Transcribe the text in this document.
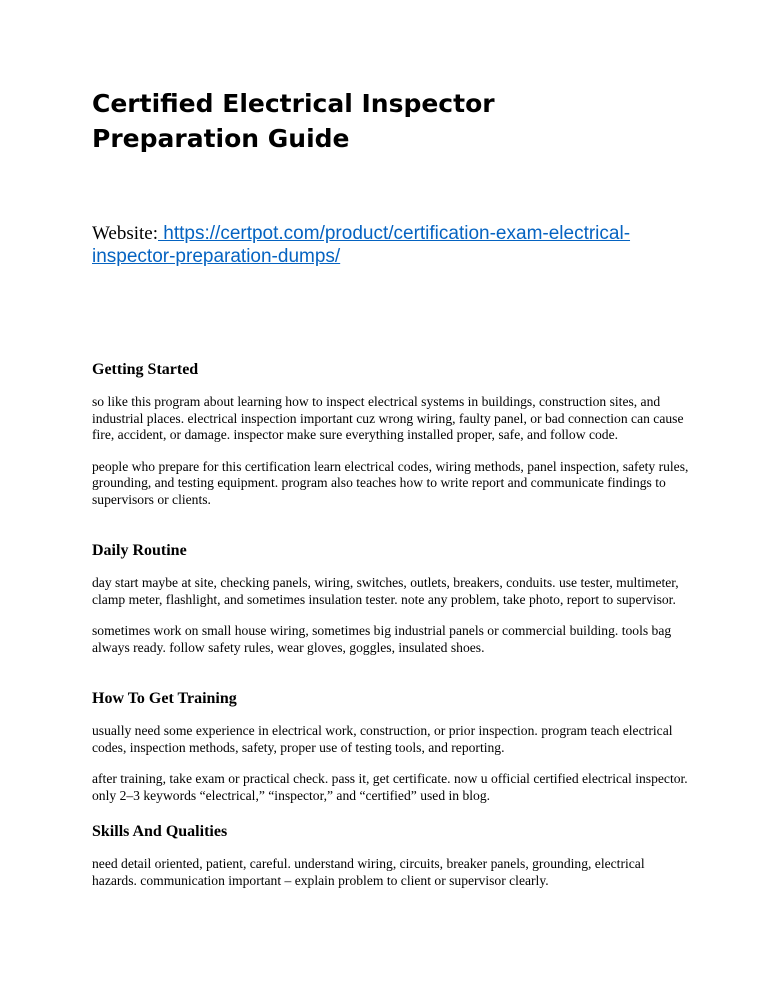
Certified Electrical Inspector Preparation Guide

Website: https://certpot.com/product/certification-exam-electrical-inspector-preparation-dumps/

Getting Started

so like this program about learning how to inspect electrical systems in buildings, construction sites, and industrial places. electrical inspection important cuz wrong wiring, faulty panel, or bad connection can cause fire, accident, or damage. inspector make sure everything installed proper, safe, and follow code.

people who prepare for this certification learn electrical codes, wiring methods, panel inspection, safety rules, grounding, and testing equipment. program also teaches how to write report and communicate findings to supervisors or clients.

Daily Routine

day start maybe at site, checking panels, wiring, switches, outlets, breakers, conduits. use tester, multimeter, clamp meter, flashlight, and sometimes insulation tester. note any problem, take photo, report to supervisor.

sometimes work on small house wiring, sometimes big industrial panels or commercial building. tools bag always ready. follow safety rules, wear gloves, goggles, insulated shoes.

How To Get Training

usually need some experience in electrical work, construction, or prior inspection. program teach electrical codes, inspection methods, safety, proper use of testing tools, and reporting.

after training, take exam or practical check. pass it, get certificate. now u official certified electrical inspector. only 2–3 keywords “electrical,” “inspector,” and “certified” used in blog.

Skills And Qualities

need detail oriented, patient, careful. understand wiring, circuits, breaker panels, grounding, electrical hazards. communication important – explain problem to client or supervisor clearly.
